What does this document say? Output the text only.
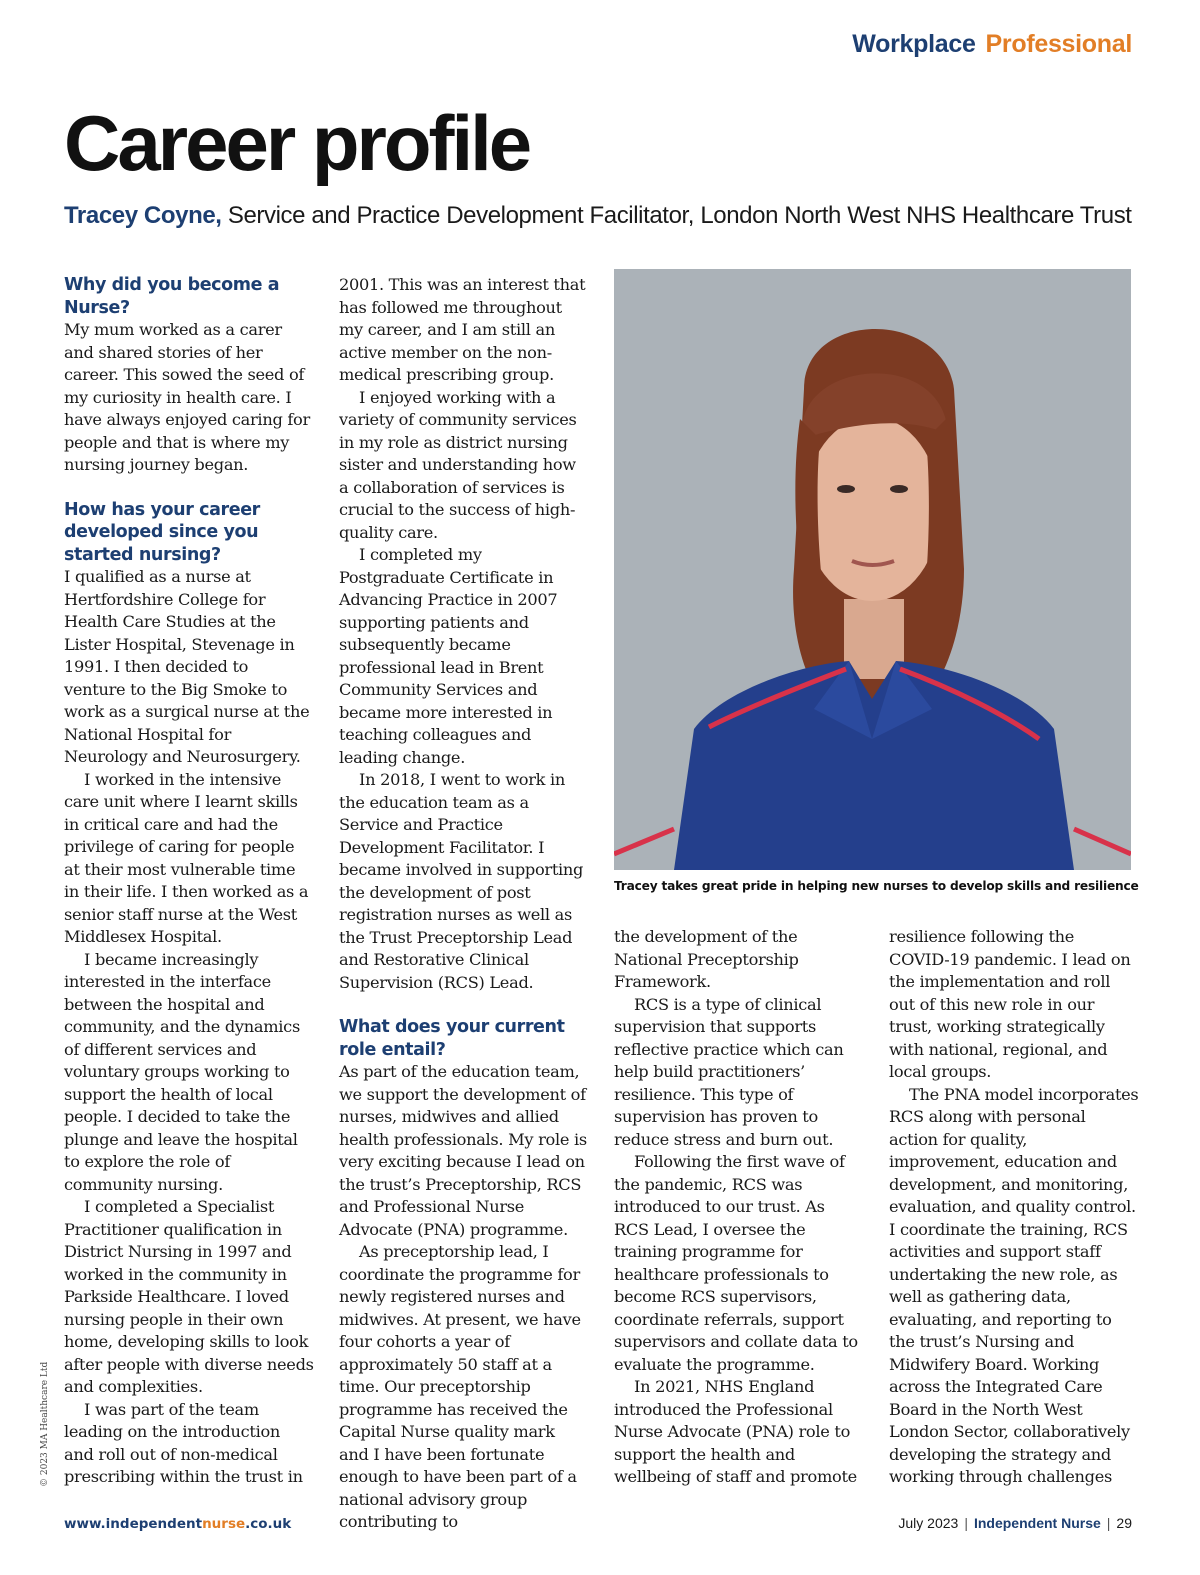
Workplace Professional
Career profile
Tracey Coyne, Service and Practice Development Facilitator, London North West NHS Healthcare Trust
Why did you become a Nurse?

My mum worked as a carer and shared stories of her career. This sowed the seed of my curiosity in health care. I have always enjoyed caring for people and that is where my nursing journey began.

How has your career developed since you started nursing?

I qualified as a nurse at Hertfordshire College for Health Care Studies at the Lister Hospital, Stevenage in 1991. I then decided to venture to the Big Smoke to work as a surgical nurse at the National Hospital for Neurology and Neurosurgery.

I worked in the intensive care unit where I learnt skills in critical care and had the privilege of caring for people at their most vulnerable time in their life. I then worked as a senior staff nurse at the West Middlesex Hospital.

I became increasingly interested in the interface between the hospital and community, and the dynamics of different services and voluntary groups working to support the health of local people. I decided to take the plunge and leave the hospital to explore the role of community nursing.

I completed a Specialist Practitioner qualification in District Nursing in 1997 and worked in the community in Parkside Healthcare. I loved nursing people in their own home, developing skills to look after people with diverse needs and complexities.

I was part of the team leading on the introduction and roll out of non-medical prescribing within the trust in

2001. This was an interest that has followed me throughout my career, and I am still an active member on the non-medical prescribing group.

I enjoyed working with a variety of community services in my role as district nursing sister and understanding how a collaboration of services is crucial to the success of high-quality care.

I completed my Postgraduate Certificate in Advancing Practice in 2007 supporting patients and subsequently became professional lead in Brent Community Services and became more interested in teaching colleagues and leading change.

In 2018, I went to work in the education team as a Service and Practice Development Facilitator. I became involved in supporting the development of post registration nurses as well as the Trust Preceptorship Lead and Restorative Clinical Supervision (RCS) Lead.

What does your current role entail?

As part of the education team, we support the development of nurses, midwives and allied health professionals. My role is very exciting because I lead on the trust’s Preceptorship, RCS and Professional Nurse Advocate (PNA) programme.

As preceptorship lead, I coordinate the programme for newly registered nurses and midwives. At present, we have four cohorts a year of approximately 50 staff at a time. Our preceptorship programme has received the Capital Nurse quality mark and I have been fortunate enough to have been part of a national advisory group contributing to

Tracey takes great pride in helping new nurses to develop skills and resilience

the development of the National Preceptorship Framework.

RCS is a type of clinical supervision that supports reflective practice which can help build practitioners’ resilience. This type of supervision has proven to reduce stress and burn out.

Following the first wave of the pandemic, RCS was introduced to our trust. As RCS Lead, I oversee the training programme for healthcare professionals to become RCS supervisors, coordinate referrals, support supervisors and collate data to evaluate the programme.

In 2021, NHS England introduced the Professional Nurse Advocate (PNA) role to support the health and wellbeing of staff and promote

resilience following the COVID-19 pandemic. I lead on the implementation and roll out of this new role in our trust, working strategically with national, regional, and local groups.

The PNA model incorporates RCS along with personal action for quality, improvement, education and development, and monitoring, evaluation, and quality control. I coordinate the training, RCS activities and support staff undertaking the new role, as well as gathering data, evaluating, and reporting to the trust’s Nursing and Midwifery Board. Working across the Integrated Care Board in the North West London Sector, collaboratively developing the strategy and working through challenges

© 2023 MA Healthcare Ltd
www.independentnurse.co.uk	July 2023 | Independent Nurse | 29
